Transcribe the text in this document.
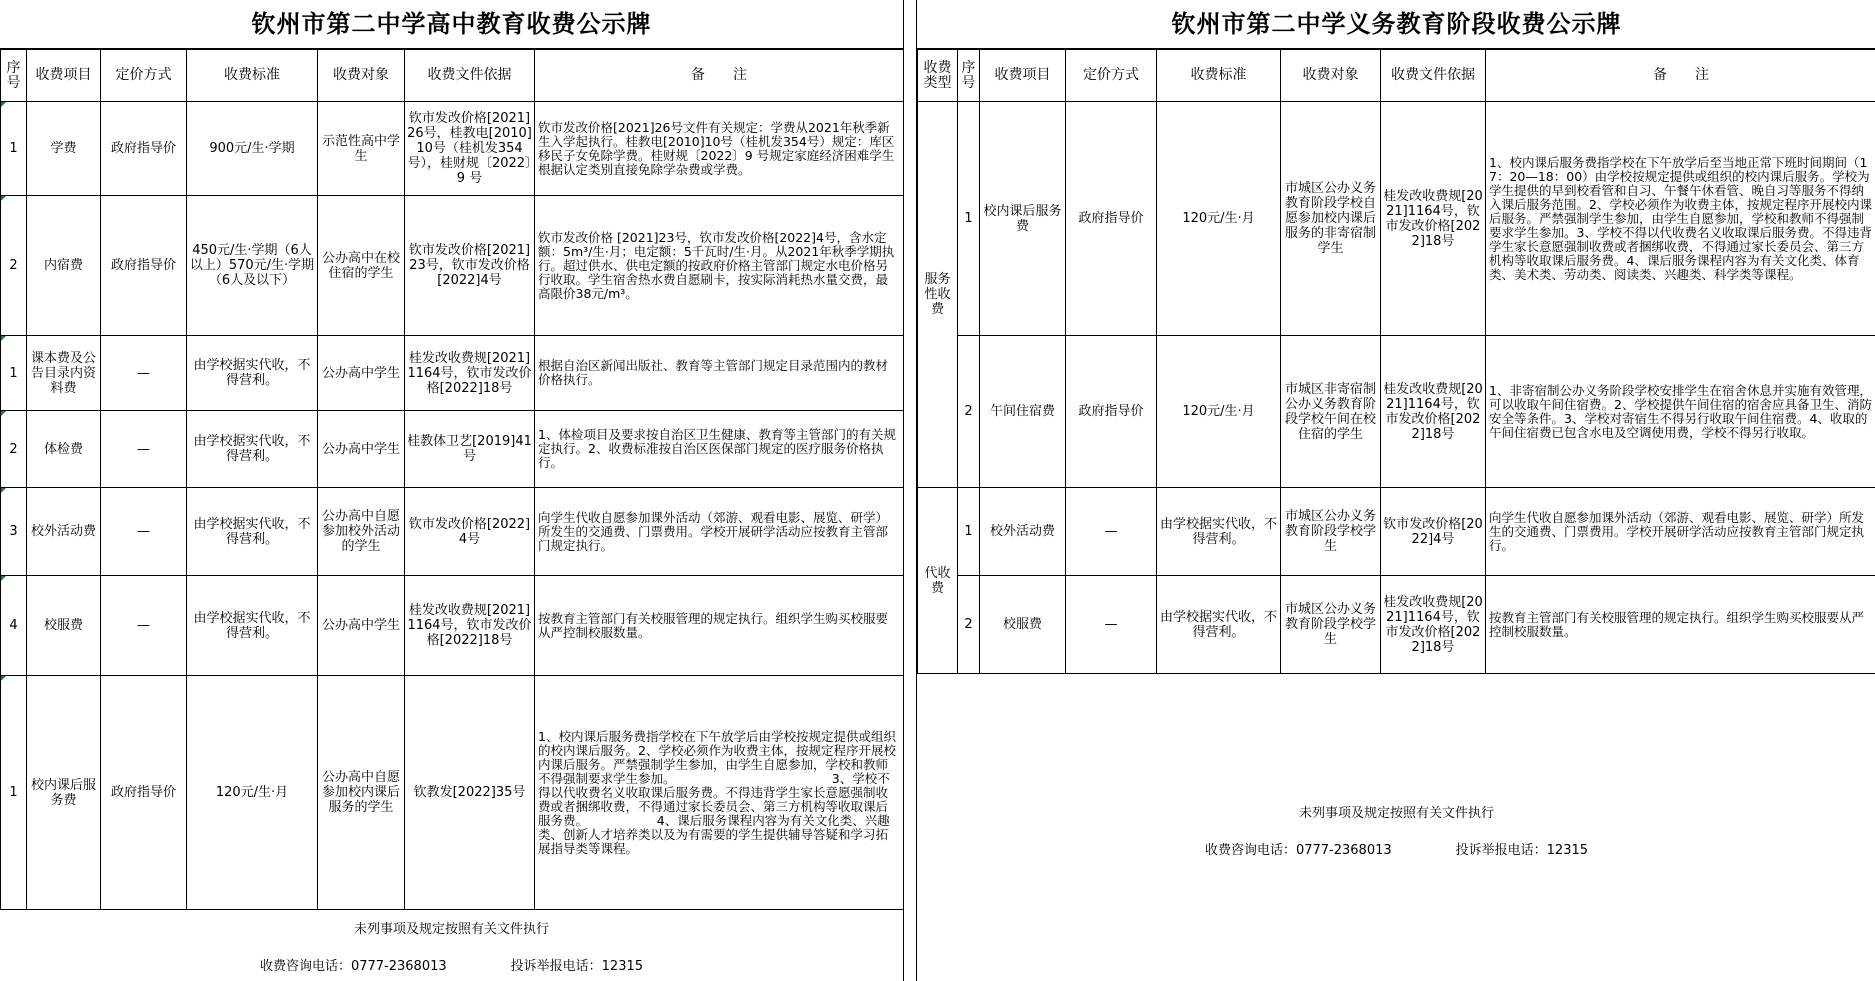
钦州市第二中学高中教育收费公示牌
序号	收费项目	定价方式	收费标准	收费对象	收费文件依据	备　　注
1	学费	政府指导价	900元/生·学期	示范性高中学生	钦市发改价格[2021]26号，桂教电[2010]10号（桂机发354号），桂财规〔2022〕9 号	钦市发改价格[2021]26号文件有关规定：学费从2021年秋季新生入学起执行。桂教电[2010]10号（桂机发354号）规定：库区移民子女免除学费。桂财规〔2022〕9 号规定家庭经济困难学生根据认定类别直接免除学杂费或学费。
2	内宿费	政府指导价	450元/生·学期（6人以上）570元/生·学期（6人及以下）	公办高中在校住宿的学生	钦市发改价格[2021]23号，钦市发改价格[2022]4号	钦市发改价格 [2021]23号，钦市发改价格[2022]4号，含水定额：5m³/生·月；电定额：5千瓦时/生·月。从2021年秋季学期执行。超过供水、供电定额的按政府价格主管部门规定水电价格另行收取。学生宿舍热水费自愿刷卡，按实际消耗热水量交费，最高限价38元/m³。
1	课本费及公告目录内资料费	—	由学校据实代收，不得营利。	公办高中学生	桂发改收费规[2021]1164号，钦市发改价格[2022]18号	根据自治区新闻出版社、教育等主管部门规定目录范围内的教材价格执行。
2	体检费	—	由学校据实代收，不得营利。	公办高中学生	桂教体卫艺[2019]41号	1、体检项目及要求按自治区卫生健康、教育等主管部门的有关规定执行。2、收费标准按自治区医保部门规定的医疗服务价格执行。
3	校外活动费	—	由学校据实代收，不得营利。	公办高中自愿参加校外活动的学生	钦市发改价格[2022]4号	向学生代收自愿参加课外活动（郊游、观看电影、展览、研学）所发生的交通费、门票费用。学校开展研学活动应按教育主管部门规定执行。
4	校服费	—	由学校据实代收，不得营利。	公办高中学生	桂发改收费规[2021]1164号，钦市发改价格[2022]18号	按教育主管部门有关校服管理的规定执行。组织学生购买校服要从严控制校服数量。
1	校内课后服务费	政府指导价	120元/生·月	公办高中自愿参加校内课后服务的学生	钦教发[2022]35号	1、校内课后服务费指学校在下午放学后由学校按规定提供或组织的校内课后服务。2、学校必须作为收费主体，按规定程序开展校内课后服务。严禁强制学生参加，由学生自愿参加，学校和教师不得强制要求学生参加。　　　　　　　　　　　　　3、学校不得以代收费名义收取课后服务费。不得违背学生家长意愿强制收费或者捆绑收费，不得通过家长委员会、第三方机构等收取课后服务费。　　　　　　4、课后服务课程内容为有关文化类、兴趣类、创新人才培养类以及为有需要的学生提供辅导答疑和学习拓展指导类等课程。
未列事项及规定按照有关文件执行
收费咨询电话：0777-2368013	投诉举报电话：12315
钦州市第二中学义务教育阶段收费公示牌
收费类型	序号	收费项目	定价方式	收费标准	收费对象	收费文件依据	备　　注
服务性收费	1	校内课后服务费	政府指导价	120元/生·月	市城区公办义务教育阶段学校自愿参加校内课后服务的非寄宿制学生	桂发改收费规[2021]1164号，钦市发改价格[2022]18号	1、校内课后服务费指学校在下午放学后至当地正常下班时间期间（17：20—18：00）由学校按规定提供或组织的校内课后服务。学校为学生提供的早到校看管和自习、午餐午休看管、晚自习等服务不得纳入课后服务范围。2、学校必须作为收费主体，按规定程序开展校内课后服务。严禁强制学生参加，由学生自愿参加，学校和教师不得强制要求学生参加。3、学校不得以代收费名义收取课后服务费。不得违背学生家长意愿强制收费或者捆绑收费，不得通过家长委员会、第三方机构等收取课后服务费。4、课后服务课程内容为有关文化类、体育类、美术类、劳动类、阅读类、兴趣类、科学类等课程。
	2	午间住宿费	政府指导价	120元/生·月	市城区非寄宿制公办义务教育阶段学校午间在校住宿的学生	桂发改收费规[2021]1164号，钦市发改价格[2022]18号	1、非寄宿制公办义务阶段学校安排学生在宿舍休息并实施有效管理，可以收取午间住宿费。2、学校提供午间住宿的宿舍应具备卫生、消防安全等条件。3、学校对寄宿生不得另行收取午间住宿费。4、收取的午间住宿费已包含水电及空调使用费，学校不得另行收取。
代收费	1	校外活动费	—	由学校据实代收，不得营利。	市城区公办义务教育阶段学校学生	钦市发改价格[2022]4号	向学生代收自愿参加课外活动（郊游、观看电影、展览、研学）所发生的交通费、门票费用。学校开展研学活动应按教育主管部门规定执行。
	2	校服费	—	由学校据实代收，不得营利。	市城区公办义务教育阶段学校学生	桂发改收费规[2021]1164号，钦市发改价格[2022]18号	按教育主管部门有关校服管理的规定执行。组织学生购买校服要从严控制校服数量。
未列事项及规定按照有关文件执行
收费咨询电话：0777-2368013	投诉举报电话：12315
